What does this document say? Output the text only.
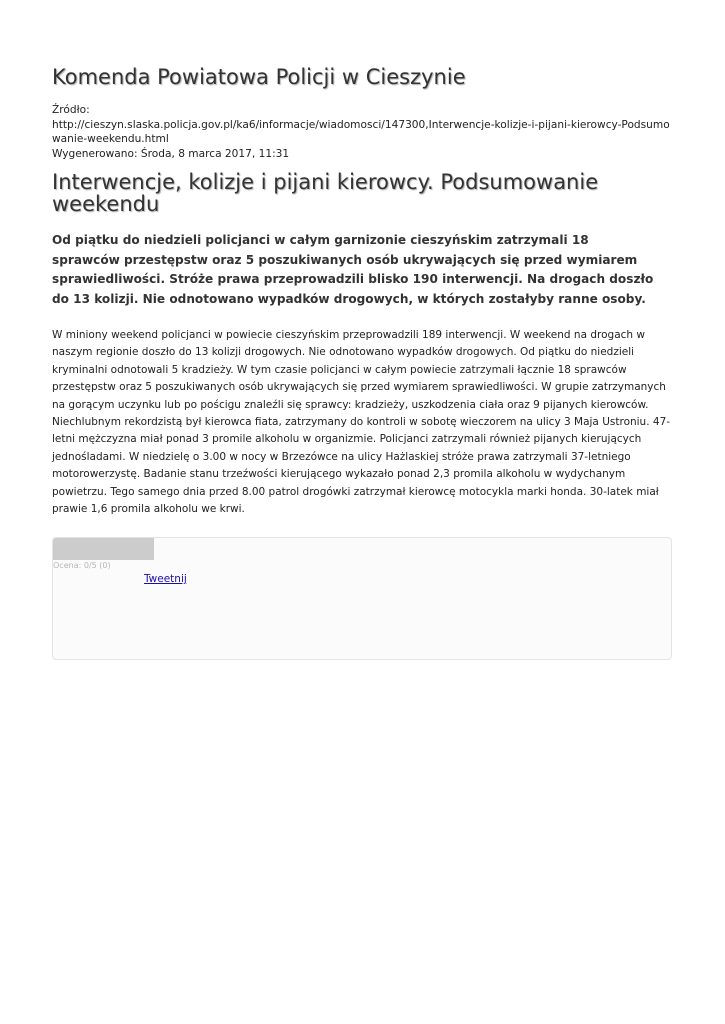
Komenda Powiatowa Policji w Cieszynie
Źródło:
http://cieszyn.slaska.policja.gov.pl/ka6/informacje/wiadomosci/147300,Interwencje-kolizje-i-pijani-kierowcy-Podsumowanie-weekendu.html
Wygenerowano: Środa, 8 marca 2017, 11:31
Interwencje, kolizje i pijani kierowcy. Podsumowanie weekendu

Od piątku do niedzieli policjanci w całym garnizonie cieszyńskim zatrzymali 18 sprawców przestępstw oraz 5 poszukiwanych osób ukrywających się przed wymiarem sprawiedliwości. Stróże prawa przeprowadzili blisko 190 interwencji. Na drogach doszło do 13 kolizji. Nie odnotowano wypadków drogowych, w których zostałyby ranne osoby.

W miniony weekend policjanci w powiecie cieszyńskim przeprowadzili 189 interwencji. W weekend na drogach w naszym regionie doszło do 13 kolizji drogowych. Nie odnotowano wypadków drogowych. Od piątku do niedzieli kryminalni odnotowali 5 kradzieży. W tym czasie policjanci w całym powiecie zatrzymali łącznie 18 sprawców przestępstw oraz 5 poszukiwanych osób ukrywających się przed wymiarem sprawiedliwości. W grupie zatrzymanych na gorącym uczynku lub po pościgu znaleźli się sprawcy: kradzieży, uszkodzenia ciała oraz 9 pijanych kierowców. Niechlubnym rekordzistą był kierowca fiata, zatrzymany do kontroli w sobotę wieczorem na ulicy 3 Maja Ustroniu. 47-letni mężczyzna miał ponad 3 promile alkoholu w organizmie. Policjanci zatrzymali również pijanych kierujących jednośladami. W niedzielę o 3.00 w nocy w Brzezówce na ulicy Hażlaskiej stróże prawa zatrzymali 37-letniego motorowerzystę. Badanie stanu trzeźwości kierującego wykazało ponad 2,3 promila alkoholu w wydychanym powietrzu. Tego samego dnia przed 8.00 patrol drogówki zatrzymał kierowcę motocykla marki honda. 30-latek miał prawie 1,6 promila alkoholu we krwi.

Ocena: 0/5 (0)
Tweetnij
